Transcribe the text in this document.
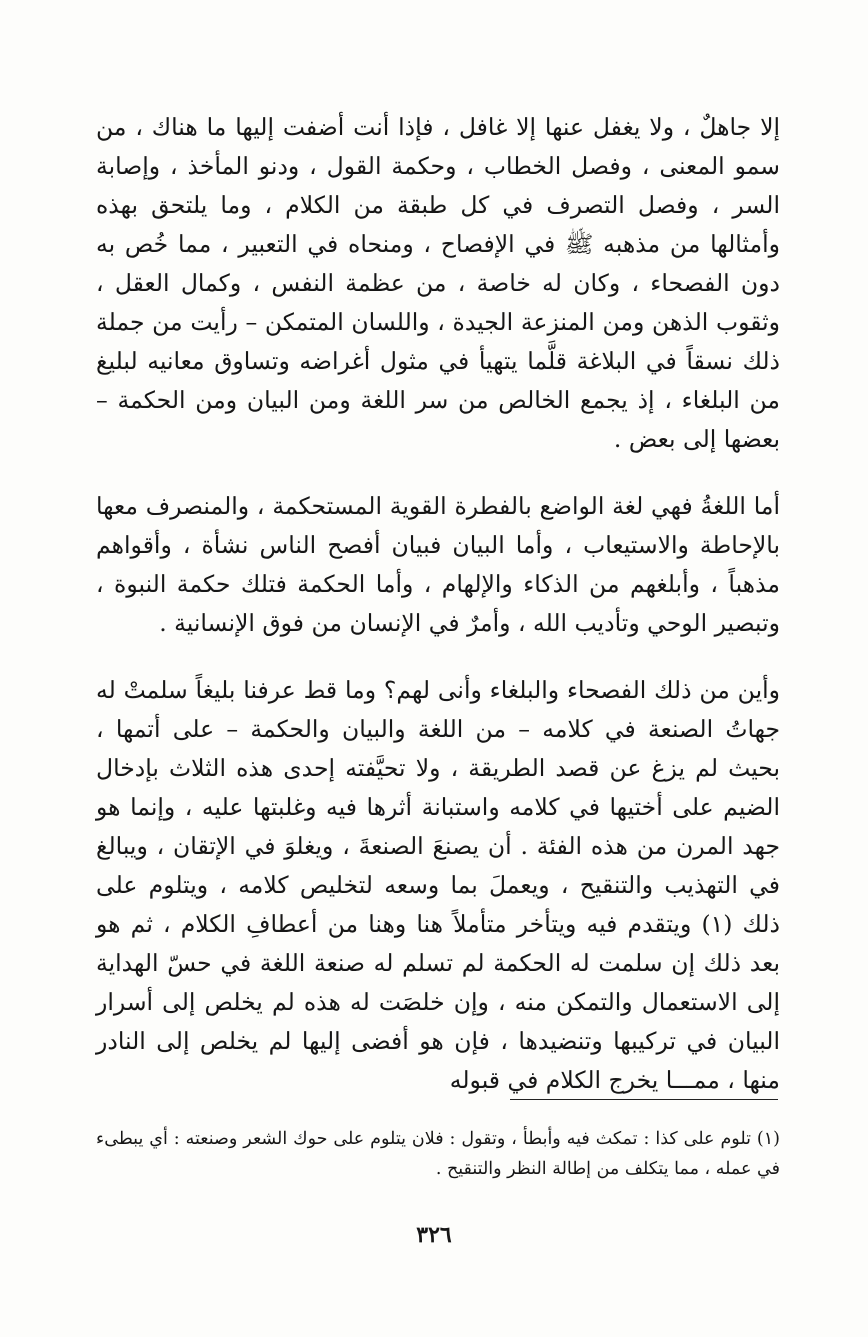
إلا جاهلٌ ، ولا يغفل عنها إلا غافل ، فإذا أنت أضفت إليها ما هناك ، من سمو المعنى ، وفصل الخطاب ، وحكمة القول ، ودنو المأخذ ، وإصابة السر ، وفصل التصرف في كل طبقة من الكلام ، وما يلتحق بهذه وأمثالها من مذهبه ﷺ في الإفصاح ، ومنحاه في التعبير ، مما خُص به دون الفصحاء ، وكان له خاصة ، من عظمة النفس ، وكمال العقل ، وثقوب الذهن ومن المنزعة الجيدة ، واللسان المتمكن – رأيت من جملة ذلك نسقاً في البلاغة قلَّما يتهيأ في مثول أغراضه وتساوق معانيه لبليغ من البلغاء ، إذ يجمع الخالص من سر اللغة ومن البيان ومن الحكمة – بعضها إلى بعض .

أما اللغةُ فهي لغة الواضع بالفطرة القوية المستحكمة ، والمنصرف معها بالإحاطة والاستيعاب ، وأما البيان فبيان أفصح الناس نشأة ، وأقواهم مذهباً ، وأبلغهم من الذكاء والإلهام ، وأما الحكمة فتلك حكمة النبوة ، وتبصير الوحي وتأديب الله ، وأمرٌ في الإنسان من فوق الإنسانية .

وأين من ذلك الفصحاء والبلغاء وأنى لهم؟ وما قط عرفنا بليغاً سلمتْ له جهاتُ الصنعة في كلامه – من اللغة والبيان والحكمة – على أتمها ، بحيث لم يزغ عن قصد الطريقة ، ولا تحيَّفته إحدى هذه الثلاث بإدخال الضيم على أختيها في كلامه واستبانة أثرها فيه وغلبتها عليه ، وإنما هو جهد المرن من هذه الفئة . أن يصنعَ الصنعةَ ، ويغلوَ في الإتقان ، ويبالغ في التهذيب والتنقيح ، ويعملَ بما وسعه لتخليص كلامه ، ويتلوم على ذلك (١) ويتقدم فيه ويتأخر متأملاً هنا وهنا من أعطافِ الكلام ، ثم هو بعد ذلك إن سلمت له الحكمة لم تسلم له صنعة اللغة في حسّ الهداية إلى الاستعمال والتمكن منه ، وإن خلصَت له هذه لم يخلص إلى أسرار البيان في تركيبها وتنضيدها ، فإن هو أفضى إليها لم يخلص إلى النادر منها ، ممـــا يخرج الكلام في قبوله

(١) تلوم على كذا : تمكث فيه وأبطأ ، وتقول : فلان يتلوم على حوك الشعر وصنعته : أي يبطىء في عمله ، مما يتكلف من إطالة النظر والتنقيح .

٣٢٦
